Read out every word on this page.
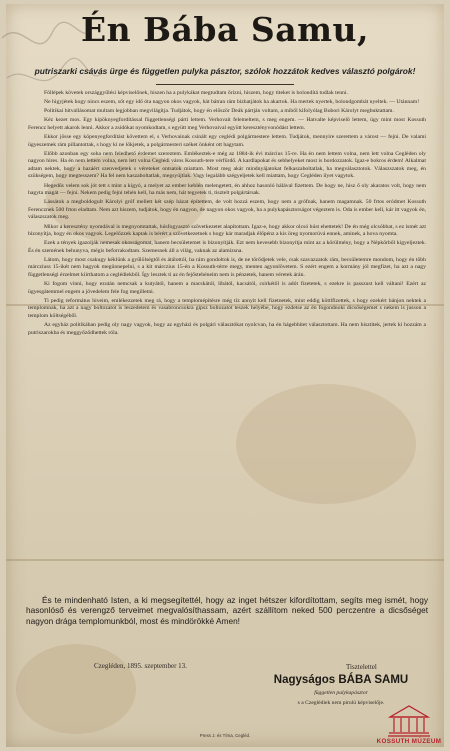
Én Bába Samu,
putriszarki csávás ürge és független pulyka pásztor, szólok hozzátok kedves választó polgárok!

Föllépek követek országgyűlési képviselőnek, hiszen ha a pulykákat megtudtam őrizni, hiszem, hogy titeket is bolondítá tudlak tenni.

Ne higyjétek hogy nincs eszem, sőt egy idő óta nagyon okos vagyok, hát bátran rám bizhatjátok ha akartok. Ha mertek nyertek, bolondgombát nyeltek. — Utánnam!

Politikai hitvallásomat multam legjobban megvilágítja. Tudjátok, hogy én először Deák pártján voltam, a miből kifolyólag Bubori Károlyt megbuktattam.

Kéz kezet mos. Egy kipöknyegfordítással függetlenségi párti lettem. Verhovait felemeltem, s meg engem. — Hatvalte képviselő lettem, úgy mint most Kossuth Ferencz helyett akarok lenni. Akkor a zsidókat nyomkodtam, s együtt meg Verhovaival együtt keresztényvonódást lettem.

Ekkor jösse egy köpenyegfordítást követtem el, s Verhovainak csinált egy ceglédi polgármestere lettem. Tudjátok, mennyire szerettem a várost — fejni. De valami ügyeszemek rám pillantottak, s hogy ki ne lökjetek, a polgármesteri széket önként ott hagytam.

Előbb azonban egy soha nem feledhető érdemet szereztem. Emlékeztek-e még az 1884-ik évi március 15-re. Ha én nem lettem volna, nem lett volna Cegléden oly nagyon hires. Ha én nem lettem volna, nem lett volna Ceglédi város Kossuth-tere vérfürdő. A kardlapokat és sebhelyeket most is hordozzatok. Igaz-e bokros érdem! Alkalmat adtam nektek, hogy a hazáért szenvedjetek s véreteket ontsatok miattam. Most meg akár mindnyájatokat felkaszaboltatlak, ha megválasztotok. Válaszszatok meg, én szükségem, hogy megtesszem? Ha fel nem kaszaboltatlak, megsyújtlak. Vagy legalább szégyeljetek kell miattam, hogy Cegléden ilyet vagytok.

Hegedűs velem sok jót tett s mint a kígyó, a melyet az ember keblén melengetett, én ahhoz hasonló hálával fizettem. De hogy ne, hisz ő oly akaratos volt, hogy nem hagyta magát — fejni. Nekem pedig fejni tehén kell, ha más nem, hát tegyetek ti, tisztelt polgártársak.

Lássátok a megboldogult Károlyi gróf mellett két szép házat építettem, de volt hozzá eszem, hogy nem a grófnak, hanem magamnak. 50 frtos eródmet Kossuth Ferencznek 500 frton eladtam. Nem azt hiszem, tudjátok, hogy én nagyon, de nagyon okos vagyok, ha a pulykapásztorságot végeztem is. Oda is ember kell, kár itt vagyok én, válaszszatok meg.

Mikor a keresztény nyomdával is megnyomtattak, húsfogyasztó szövetkezetet alapítottam. Igaz-e, hogy akkor olcsó húst ehettetek! De én még olcsóbbat, s ez ismét azt bizonyítja, hogy én okos vagyok. Legelőzzek kaptak is bérért a szövetkezetnek s hogy kár maradjak élőpénz a kis öreg nyomorúvá ennek, aminek, a hova nyomta.

Ezek a tények igazolják nemesak okosságomat, hanem becsületemet is bizonyítják. Ezt nem kevesebb bizonyítja mint az a körülmény, hogy a Népkörből kigyeljeztek. És én szemének behunyva, mégis beforrakodtam. Szemesnek áll a világ, vaknak az alamizsna.

Látom, hogy most csakugy kéklünk a gyűlölségtől és átálottól, ha rám gondoltok is, de ne törődjetek vele, csak szavazzatok rám, becsületemre mondom, hogy én több márcziuss 15-ikét nem hagyok megünnepelni, s a kit márczius 15-én a Kossuth-térre megy, menten agyonlövetem. S ezért engem a kormány jól megfizet, ha azt a nagy függetlenségi érzelmet kiirthatom a ceglédiekből. Így lesztek ti az én fejőstehéneim nem is pénzetek, hanem véretek árán.

Ki fogom vinni, hogy ezután nemcsak a kutyától, hanem a macskától, libától, kacsától, csirkétől is adót fizetetek, s ezekre is passzust kell váltani! Ezért az ügyesgátemmel engem a jövedelem fele fog megilletni.

Ti pedig református hiveim, emlékezzetek meg rá, hogy a templomépítésre még tíz annyit kell fizetnetek, mint eddig köttlfizettek, s hogy ezekért bánjon nektek a templomnak, ha azt a nagy boltozatot is leszedetem és vasabroncsokra gipsz boltozatot teszek helyébe, hogy ezdetse az én fogondnoki dicsőségemet s nekem is jusson a templom költségéből.

Az egyház politikában pedig oly nagy vagyok, hogy az egyházi és polgári választókat nyolcvan, ha én hágebhitet választottam. Ha nem hisztitek, jertek ki hozzám a putriszarokba és meggyőződhettek róla.

És te mindenható Isten, a ki megsegítettél, hogy az inget hétszer kifordítottam, segíts meg ismét, hogy hasonlóső és verengző terveimet megvalósíthassam, azért szállítom neked 500 perczentre a dicsőséget nagyon drága templomunkból, most és mindörökké Amen!
Czegléden, 1895. szeptember 13.	Tisztelettel
Nagyságos BÁBA SAMU
független pulykapásztor
s a Czeglédiek nem pirulú képviselője.
Press J. és Tíma, Cegléd.
KOSSUTH MÚZEUM
